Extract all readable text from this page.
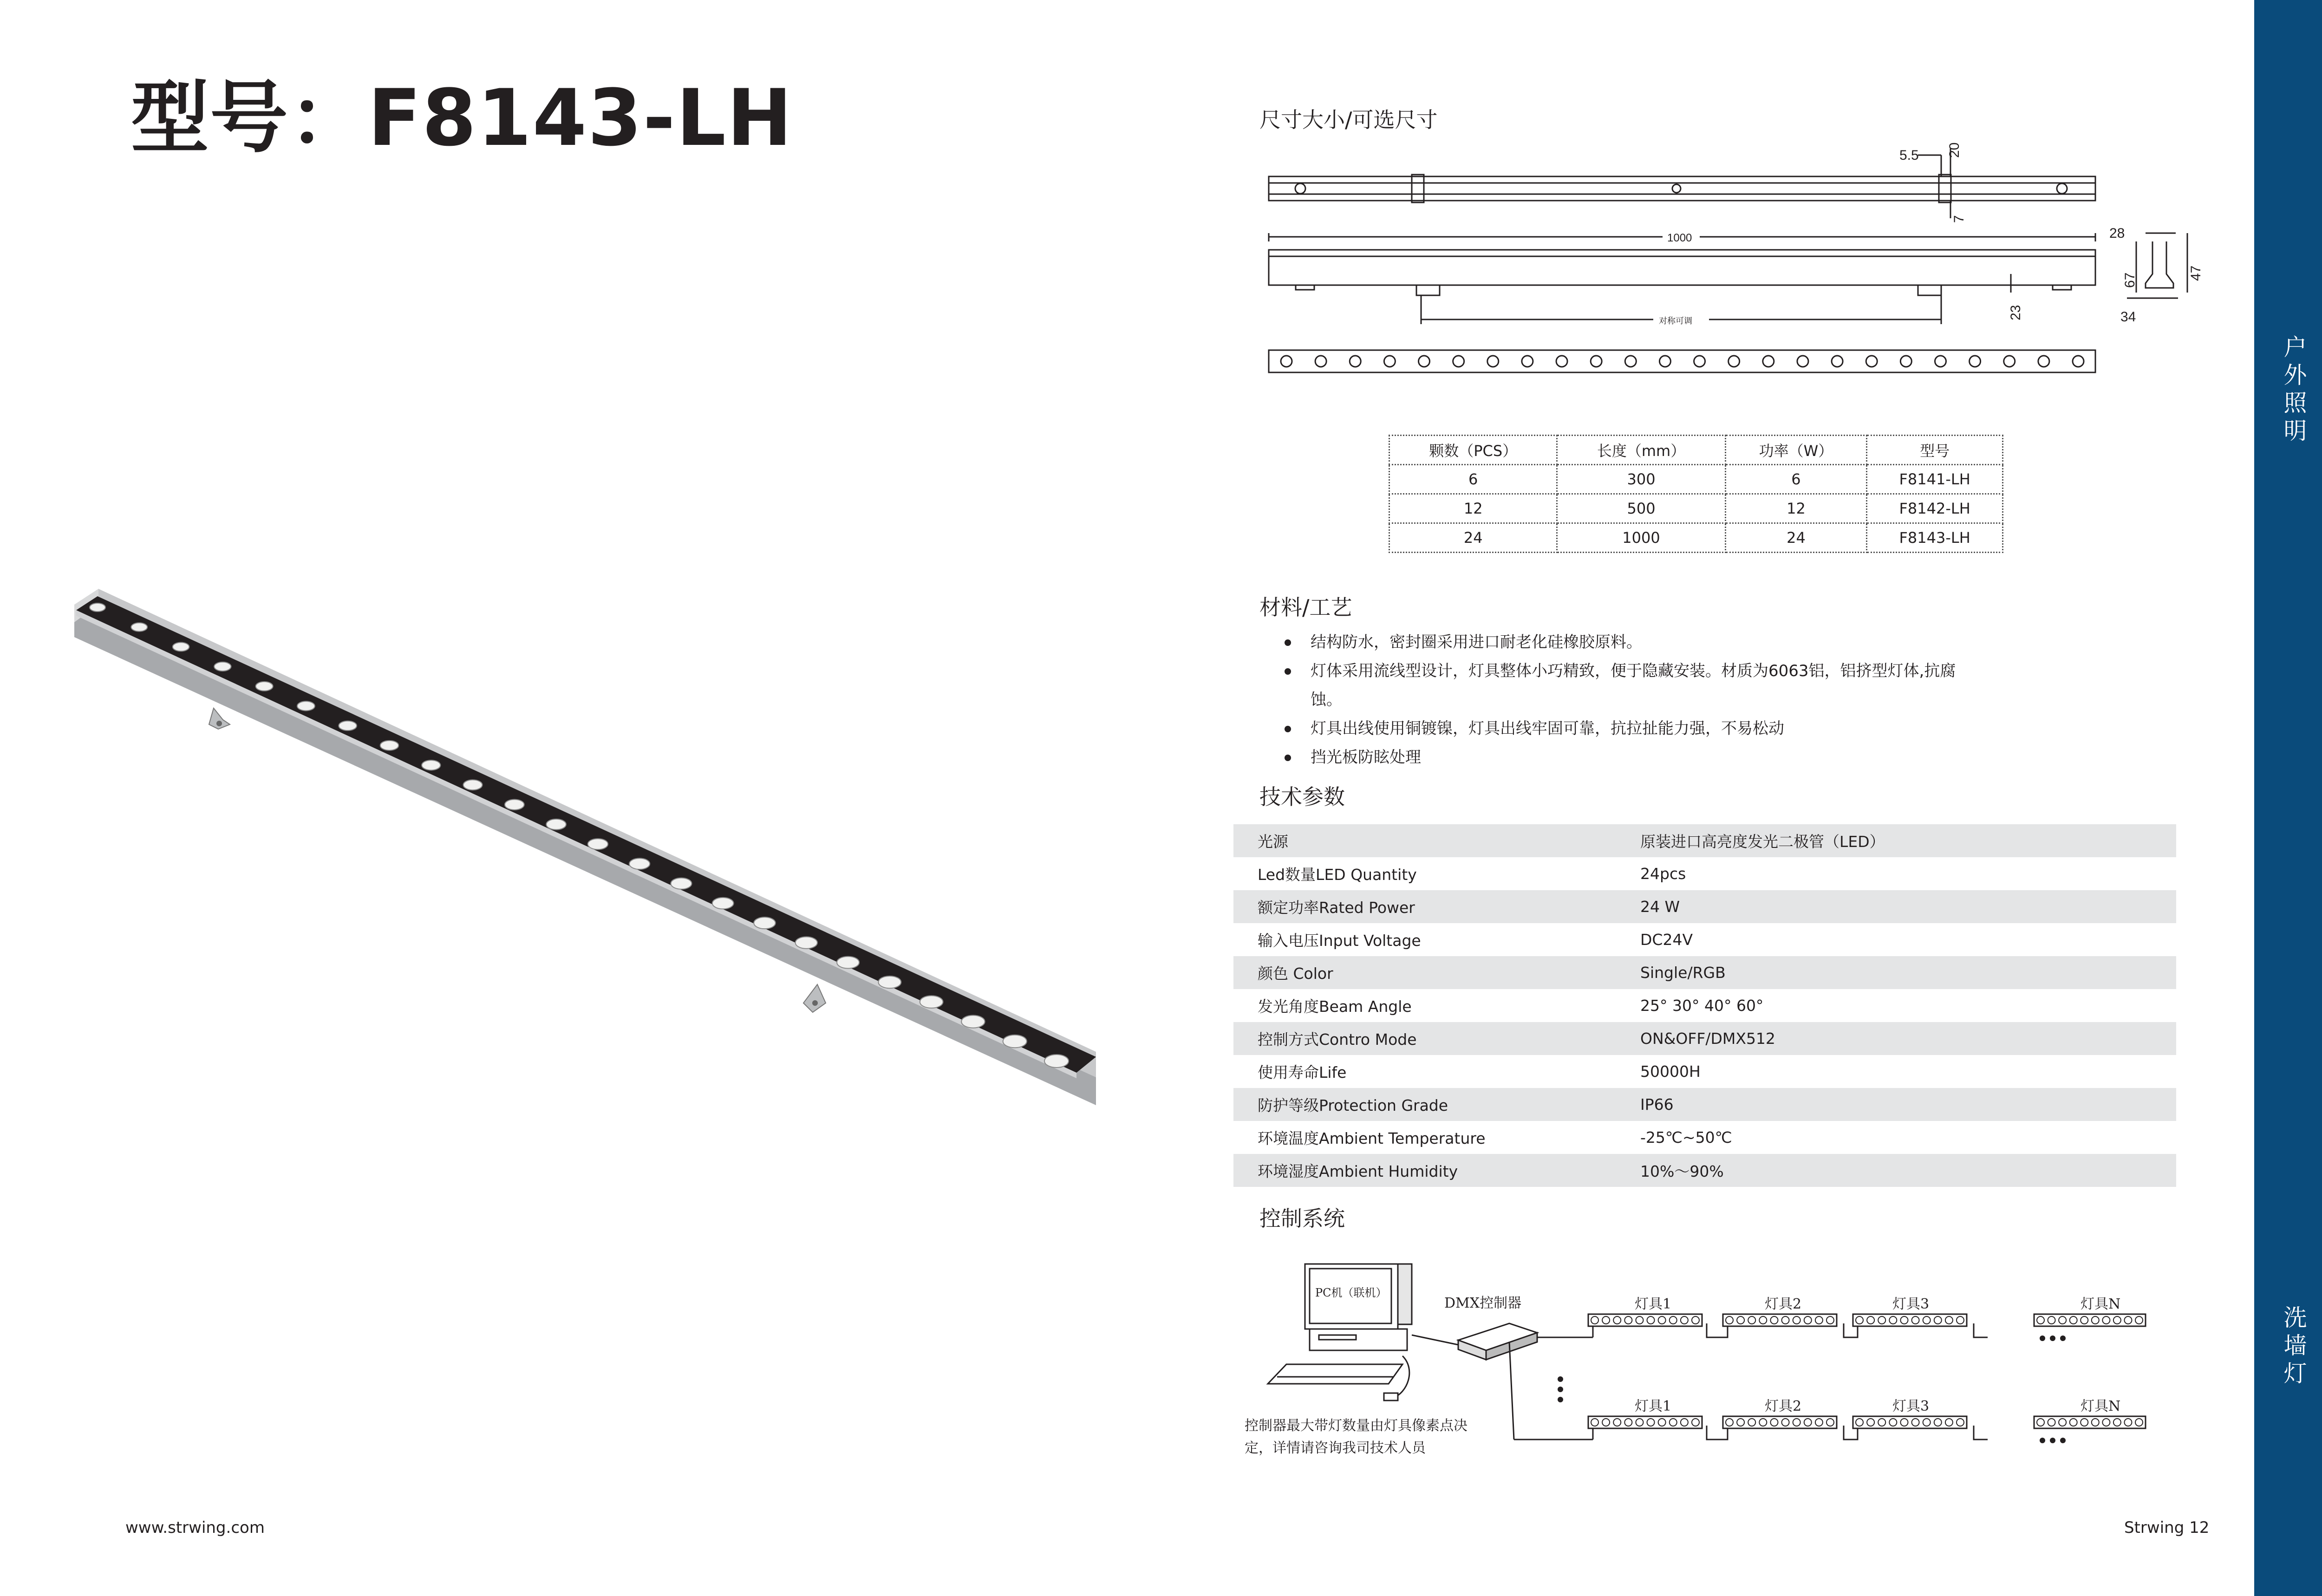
型号：F8143-LH	尺寸大小/可选尺寸
5.5 20
7
1000
对称可调
23
28
67	47
34
颗数（PCS）	长度（mm）	功率（W）	型号
6	300	6	F8141-LH
12	500	12	F8142-LH
24	1000	24	F8143-LH
材料/工艺
结构防水，密封圈采用进口耐老化硅橡胶原料。
灯体采用流线型设计，灯具整体小巧精致，便于隐藏安装。材质为6063铝，铝挤型灯体,抗腐蚀。
灯具出线使用铜镀镍，灯具出线牢固可靠，抗拉扯能力强，不易松动
挡光板防眩处理
技术参数
光源	原装进口高亮度发光二极管（LED）
Led数量LED Quantity	24pcs
额定功率Rated Power	24 W
输入电压Input Voltage	DC24V
颜色 Color	Single/RGB
发光角度Beam Angle	25° 30° 40° 60°
控制方式Contro Mode	ON&OFF/DMX512
使用寿命Life	50000H
防护等级Protection Grade	IP66
环境温度Ambient Temperature	-25℃~50℃
环境湿度Ambient Humidity	10%～90%
控制系统
PC机（联机）
DMX控制器	灯具1	灯具2	灯具3	灯具N
灯具1	灯具2	灯具3	灯具N
控制器最大带灯数量由灯具像素点决
定，详情请咨询我司技术人员
www.strwing.com	Strwing 12
户
外
照
明
洗
墙
灯
